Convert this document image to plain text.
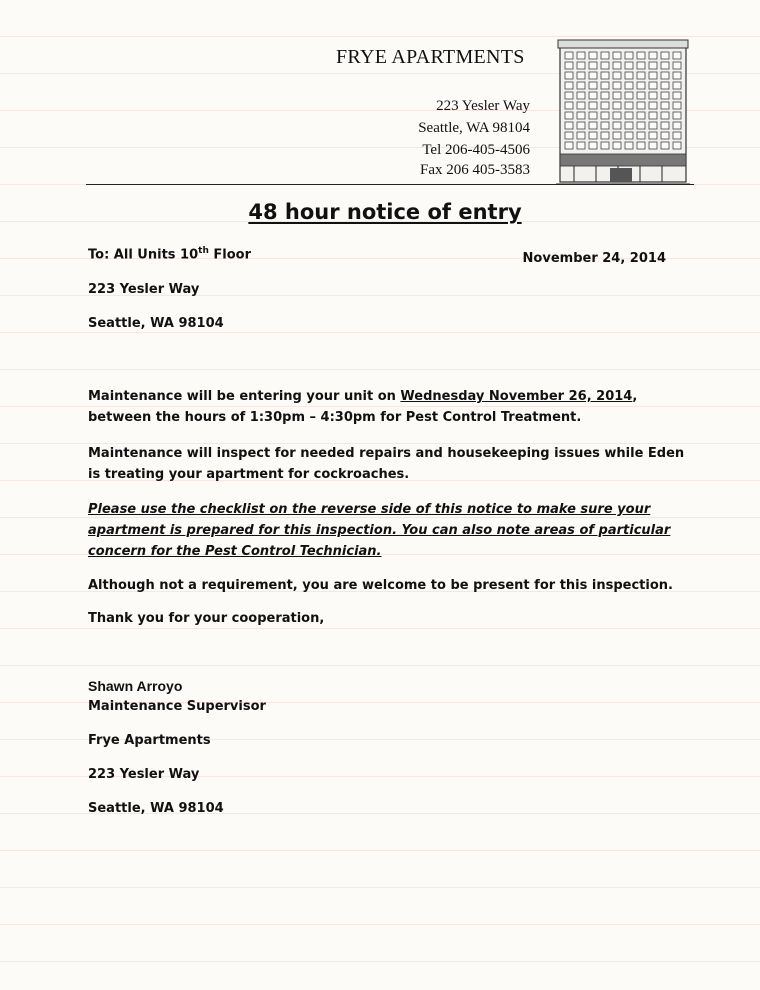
FRYE APARTMENTS
223 Yesler Way
Seattle, WA 98104
Tel 206-405-4506
Fax 206 405-3583
48 hour notice of entry
To: All Units 10th Floor
223 Yesler Way
Seattle, WA 98104
November 24, 2014
Maintenance will be entering your unit on Wednesday November 26, 2014, between the hours of 1:30pm – 4:30pm for Pest Control Treatment.
Maintenance will inspect for needed repairs and housekeeping issues while Eden is treating your apartment for cockroaches.
Please use the checklist on the reverse side of this notice to make sure your apartment is prepared for this inspection. You can also note areas of particular concern for the Pest Control Technician.
Although not a requirement, you are welcome to be present for this inspection.
Thank you for your cooperation,
Shawn Arroyo
Maintenance Supervisor
Frye Apartments
223 Yesler Way
Seattle, WA 98104
